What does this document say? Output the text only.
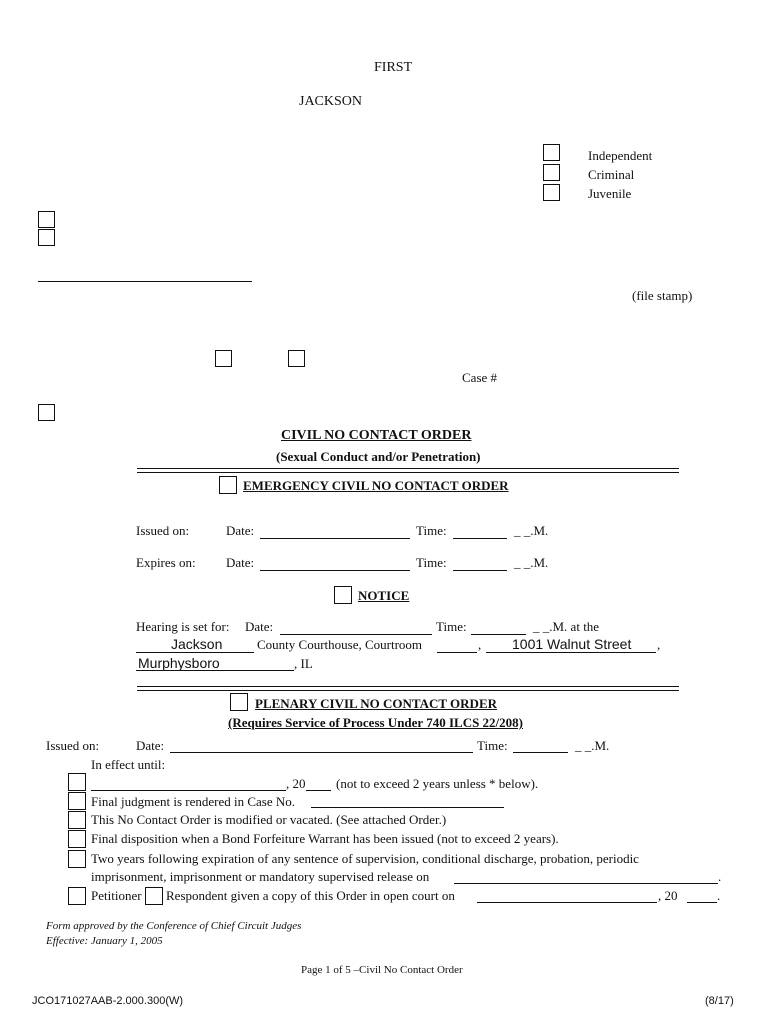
FIRST
JACKSON
Independent
Criminal
Juvenile
(file stamp)
Case #
CIVIL NO CONTACT ORDER
(Sexual Conduct and/or Penetration)
EMERGENCY CIVIL NO CONTACT ORDER
Issued on:	Date:	Time:	_ _.M.
Expires on: Date:	Time:	_ _.M.
NOTICE
Hearing is set for: Date:	Time:	_ _.M. at the
Jackson	County Courthouse, Courtroom	, 1001 Walnut Street ,
Murphysboro	, IL
PLENARY CIVIL NO CONTACT ORDER
(Requires Service of Process Under 740 ILCS 22/208)
Issued on:	Date:	Time:	_ _.M.
In effect until:
, 20 (not to exceed 2 years unless * below).
Final judgment is rendered in Case No.
This No Contact Order is modified or vacated. (See attached Order.)
Final disposition when a Bond Forfeiture Warrant has been issued (not to exceed 2 years).
Two years following expiration of any sentence of supervision, conditional discharge, probation, periodic
imprisonment, imprisonment or mandatory supervised release on	.
Petitioner Respondent given a copy of this Order in open court on	, 20	.
Form approved by the Conference of Chief Circuit Judges
Effective: January 1, 2005
Page 1 of 5 –Civil No Contact Order
JCO171027AAB-2.000.300(W)	(8/17)
